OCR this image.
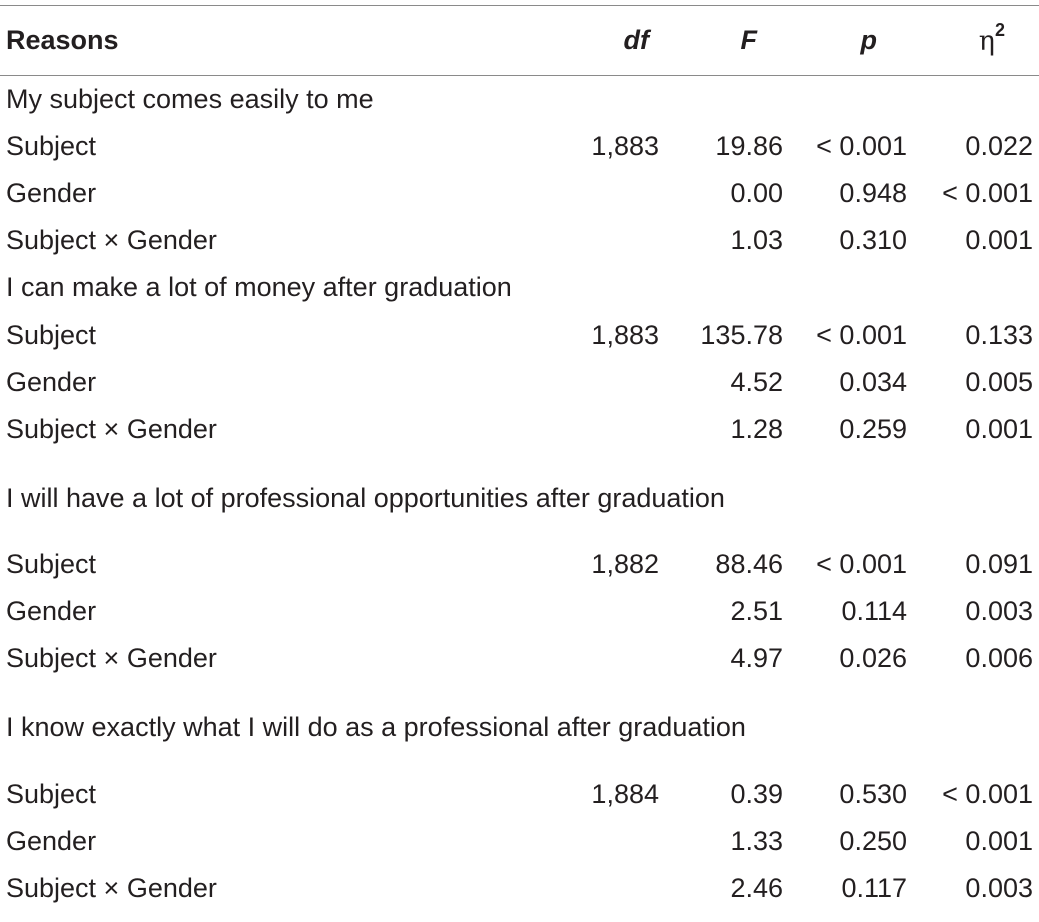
Reasons	df	F	p	$\eta^2$
My subject comes easily to me				
Subject	1,883	19.86	< 0.001	0.022
Gender		0.00	0.948	< 0.001
Subject × Gender		1.03	0.310	0.001
I can make a lot of money after graduation				
Subject	1,883	135.78	< 0.001	0.133
Gender		4.52	0.034	0.005
Subject × Gender		1.28	0.259	0.001
I will have a lot of professional opportunities after graduation				
Subject	1,882	88.46	< 0.001	0.091
Gender		2.51	0.114	0.003
Subject × Gender		4.97	0.026	0.006
I know exactly what I will do as a professional after graduation				
Subject	1,884	0.39	0.530	< 0.001
Gender		1.33	0.250	0.001
Subject × Gender		2.46	0.117	0.003
